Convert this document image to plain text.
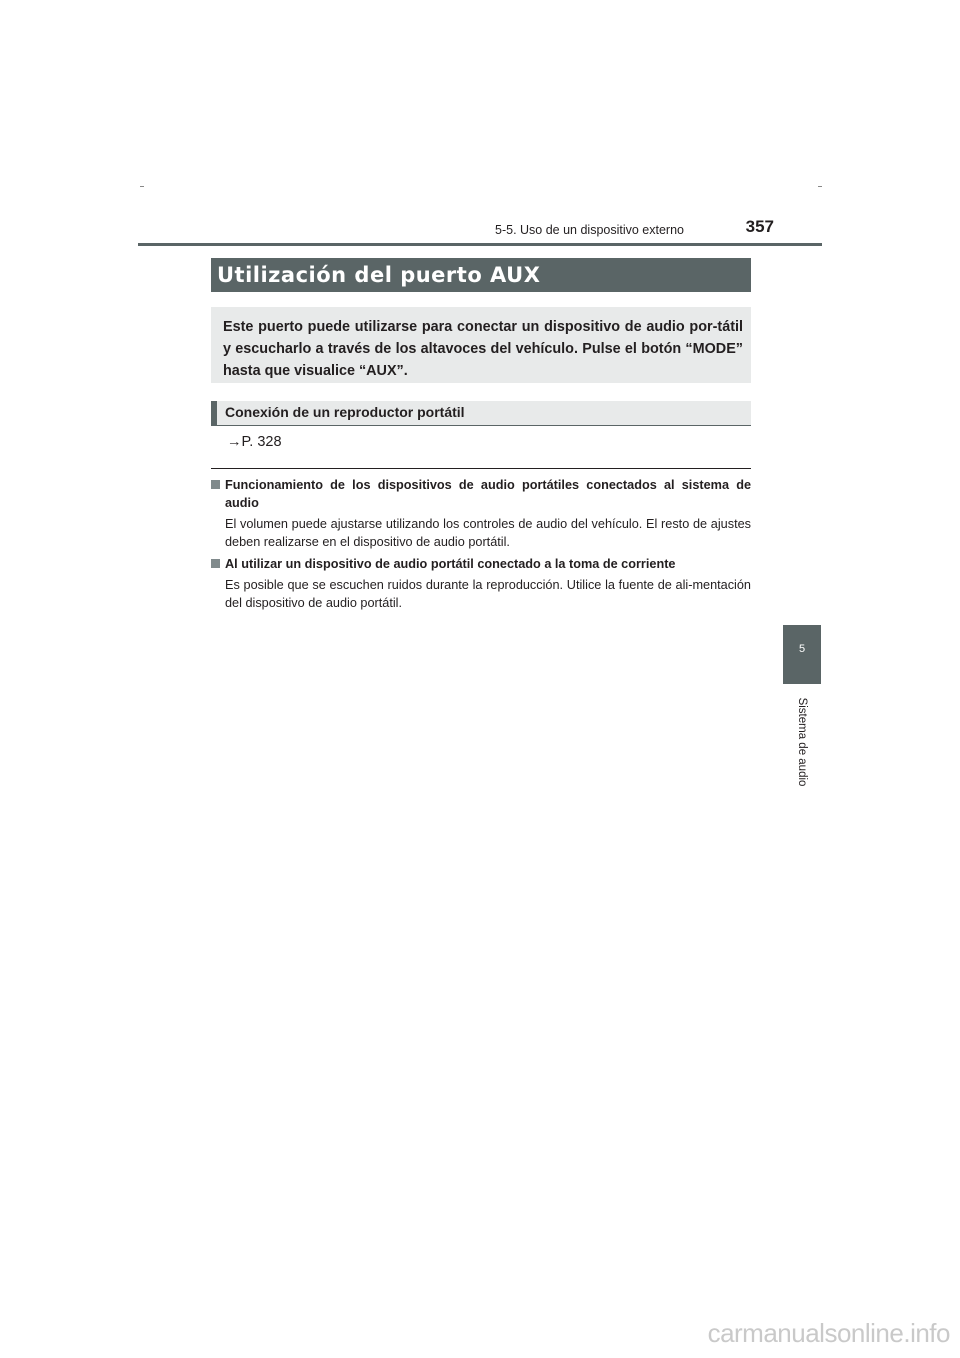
5-5. Uso de un dispositivo externo	357
5
Sistema de audio
Utilización del puerto AUX
Este puerto puede utilizarse para conectar un dispositivo de audio por-tátil y escucharlo a través de los altavoces del vehículo. Pulse el botón “MODE” hasta que visualice “AUX”.
Conexión de un reproductor portátil
→P. 328
Funcionamiento de los dispositivos de audio portátiles conectados al sistema de audio
El volumen puede ajustarse utilizando los controles de audio del vehículo. El resto de ajustes deben realizarse en el dispositivo de audio portátil.
Al utilizar un dispositivo de audio portátil conectado a la toma de corriente
Es posible que se escuchen ruidos durante la reproducción. Utilice la fuente de ali-mentación del dispositivo de audio portátil.
carmanualsonline.info
